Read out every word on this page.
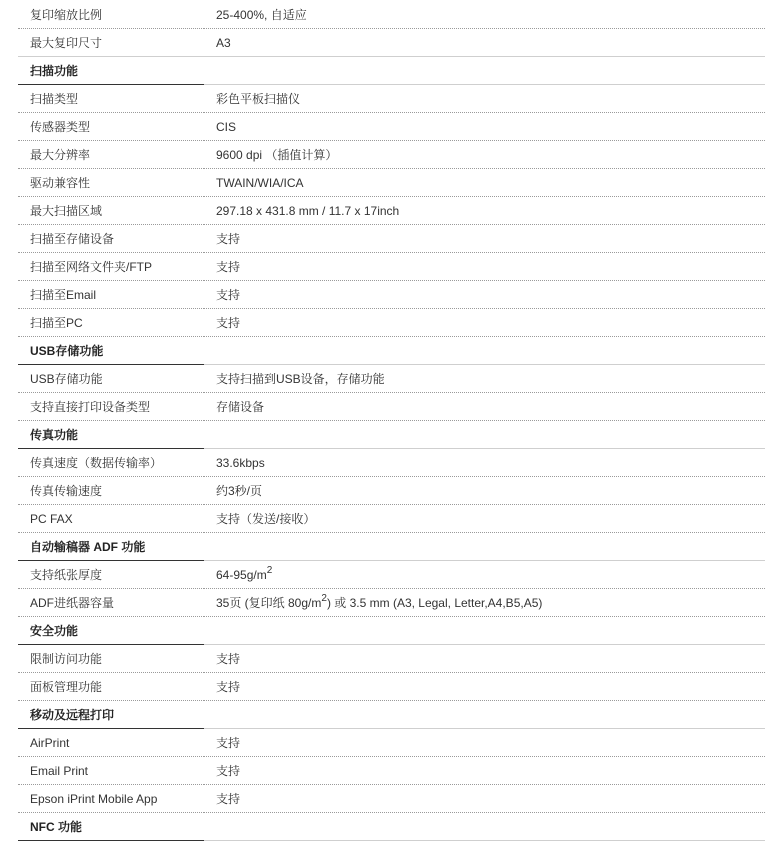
复印缩放比例	25-400%, 自适应
最大复印尺寸	A3
扫描功能	
扫描类型	彩色平板扫描仪
传感器类型	CIS
最大分辨率	9600 dpi （插值计算）
驱动兼容性	TWAIN/WIA/ICA
最大扫描区域	297.18 x 431.8 mm / 11.7 x 17inch
扫描至存储设备	支持
扫描至网络文件夹/FTP	支持
扫描至Email	支持
扫描至PC	支持
USB存储功能	
USB存储功能	支持扫描到USB设备，存储功能
支持直接打印设备类型	存储设备
传真功能	
传真速度（数据传输率）	33.6kbps
传真传输速度	约3秒/页
PC FAX	支持（发送/接收）
自动输稿器 ADF 功能	
支持纸张厚度	$64-95g/m^2$
ADF进纸器容量	35页 (复印纸 $80g/m^2$) 或 3.5 mm (A3, Legal, Letter,A4,B5,A5)
安全功能	
限制访问功能	支持
面板管理功能	支持
移动及远程打印	
AirPrint	支持
Email Print	支持
Epson iPrint Mobile App	支持
NFC 功能	
